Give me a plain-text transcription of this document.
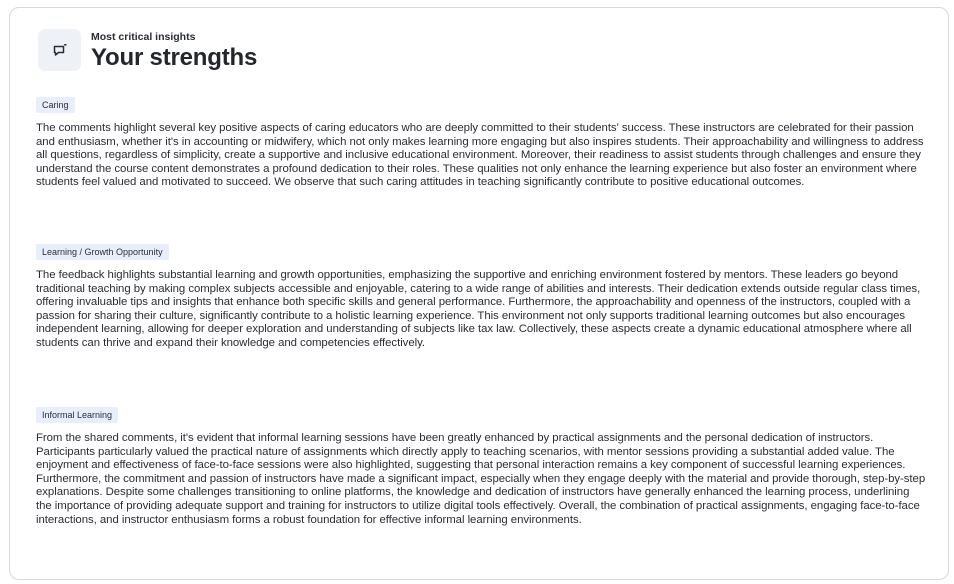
Most critical insights
Your strengths
Caring

The comments highlight several key positive aspects of caring educators who are deeply committed to their students' success. These instructors are celebrated for their passion and enthusiasm, whether it's in accounting or midwifery, which not only makes learning more engaging but also inspires students. Their approachability and willingness to address all questions, regardless of simplicity, create a supportive and inclusive educational environment. Moreover, their readiness to assist students through challenges and ensure they understand the course content demonstrates a profound dedication to their roles. These qualities not only enhance the learning experience but also foster an environment where students feel valued and motivated to succeed. We observe that such caring attitudes in teaching significantly contribute to positive educational outcomes.

Learning / Growth Opportunity

The feedback highlights substantial learning and growth opportunities, emphasizing the supportive and enriching environment fostered by mentors. These leaders go beyond traditional teaching by making complex subjects accessible and enjoyable, catering to a wide range of abilities and interests. Their dedication extends outside regular class times, offering invaluable tips and insights that enhance both specific skills and general performance. Furthermore, the approachability and openness of the instructors, coupled with a passion for sharing their culture, significantly contribute to a holistic learning experience. This environment not only supports traditional learning outcomes but also encourages independent learning, allowing for deeper exploration and understanding of subjects like tax law. Collectively, these aspects create a dynamic educational atmosphere where all students can thrive and expand their knowledge and competencies effectively.

Informal Learning

From the shared comments, it's evident that informal learning sessions have been greatly enhanced by practical assignments and the personal dedication of instructors. Participants particularly valued the practical nature of assignments which directly apply to teaching scenarios, with mentor sessions providing a substantial added value. The enjoyment and effectiveness of face-to-face sessions were also highlighted, suggesting that personal interaction remains a key component of successful learning experiences. Furthermore, the commitment and passion of instructors have made a significant impact, especially when they engage deeply with the material and provide thorough, step-by-step explanations. Despite some challenges transitioning to online platforms, the knowledge and dedication of instructors have generally enhanced the learning process, underlining the importance of providing adequate support and training for instructors to utilize digital tools effectively. Overall, the combination of practical assignments, engaging face-to-face interactions, and instructor enthusiasm forms a robust foundation for effective informal learning environments.
